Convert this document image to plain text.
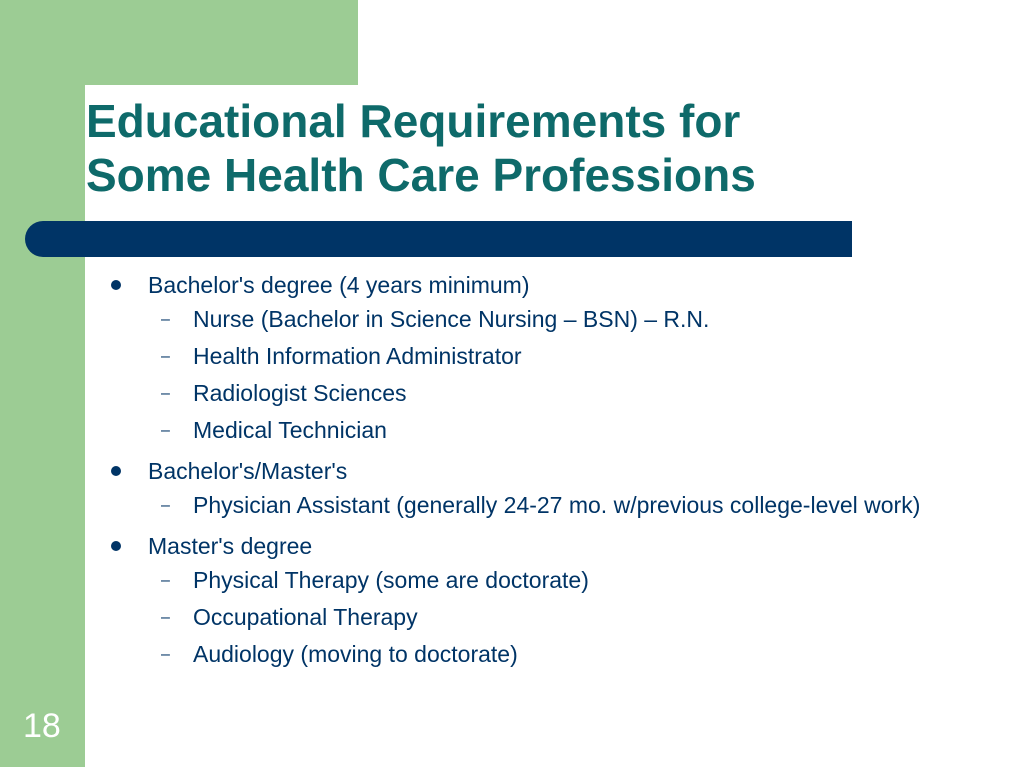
Educational Requirements for
Some Health Care Professions
Bachelor's degree (4 years minimum)
– Nurse (Bachelor in Science Nursing – BSN) – R.N.
– Health Information Administrator
– Radiologist Sciences
– Medical Technician
Bachelor's/Master's
– Physician Assistant (generally 24-27 mo. w/previous college-level work)
Master's degree
– Physical Therapy (some are doctorate)
– Occupational Therapy
– Audiology (moving to doctorate)
18
